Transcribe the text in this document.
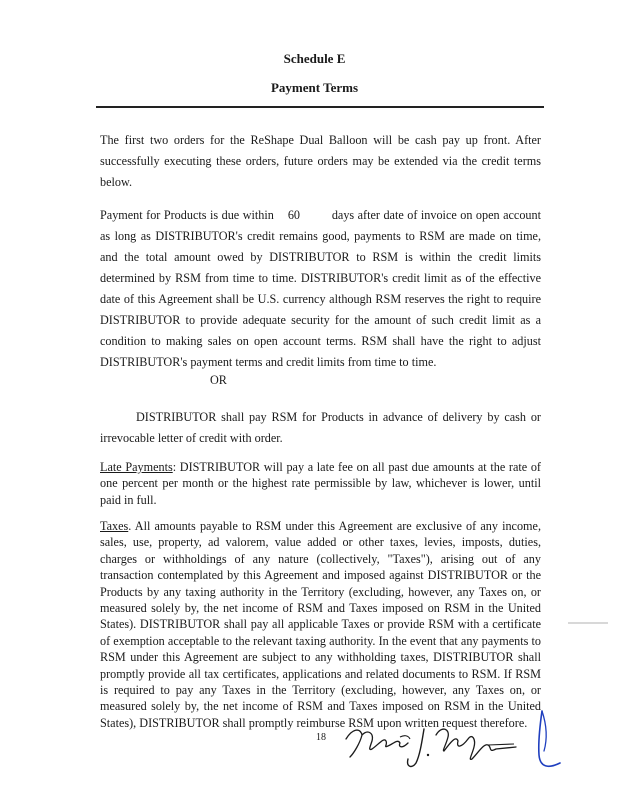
Schedule E
Payment Terms

The first two orders for the ReShape Dual Balloon will be cash pay up front. After successfully executing these orders, future orders may be extended via the credit terms below.

Payment for Products is due within 60	days after date of invoice on open account as long as DISTRIBUTOR's credit remains good, payments to RSM are made on time, and the total amount owed by DISTRIBUTOR to RSM is within the credit limits determined by RSM from time to time. DISTRIBUTOR's credit limit as of the effective date of this Agreement shall be U.S. currency although RSM reserves the right to require DISTRIBUTOR to provide adequate security for the amount of such credit limit as a condition to making sales on open account terms. RSM shall have the right to adjust DISTRIBUTOR's payment terms and credit limits from time to time.

OR

DISTRIBUTOR shall pay RSM for Products in advance of delivery by cash or irrevocable letter of credit with order.

Late Payments: DISTRIBUTOR will pay a late fee on all past due amounts at the rate of one percent per month or the highest rate permissible by law, whichever is lower, until paid in full.

Taxes. All amounts payable to RSM under this Agreement are exclusive of any income, sales, use, property, ad valorem, value added or other taxes, levies, imposts, duties, charges or withholdings of any nature (collectively, "Taxes"), arising out of any transaction contemplated by this Agreement and imposed against DISTRIBUTOR or the Products by any taxing authority in the Territory (excluding, however, any Taxes on, or measured solely by, the net income of RSM and Taxes imposed on RSM in the United States). DISTRIBUTOR shall pay all applicable Taxes or provide RSM with a certificate of exemption acceptable to the relevant taxing authority. In the event that any payments to RSM under this Agreement are subject to any withholding taxes, DISTRIBUTOR shall promptly provide all tax certificates, applications and related documents to RSM. If RSM is required to pay any Taxes in the Territory (excluding, however, any Taxes on, or measured solely by, the net income of RSM and Taxes imposed on RSM in the United States), DISTRIBUTOR shall promptly reimburse RSM upon written request therefore.

18
